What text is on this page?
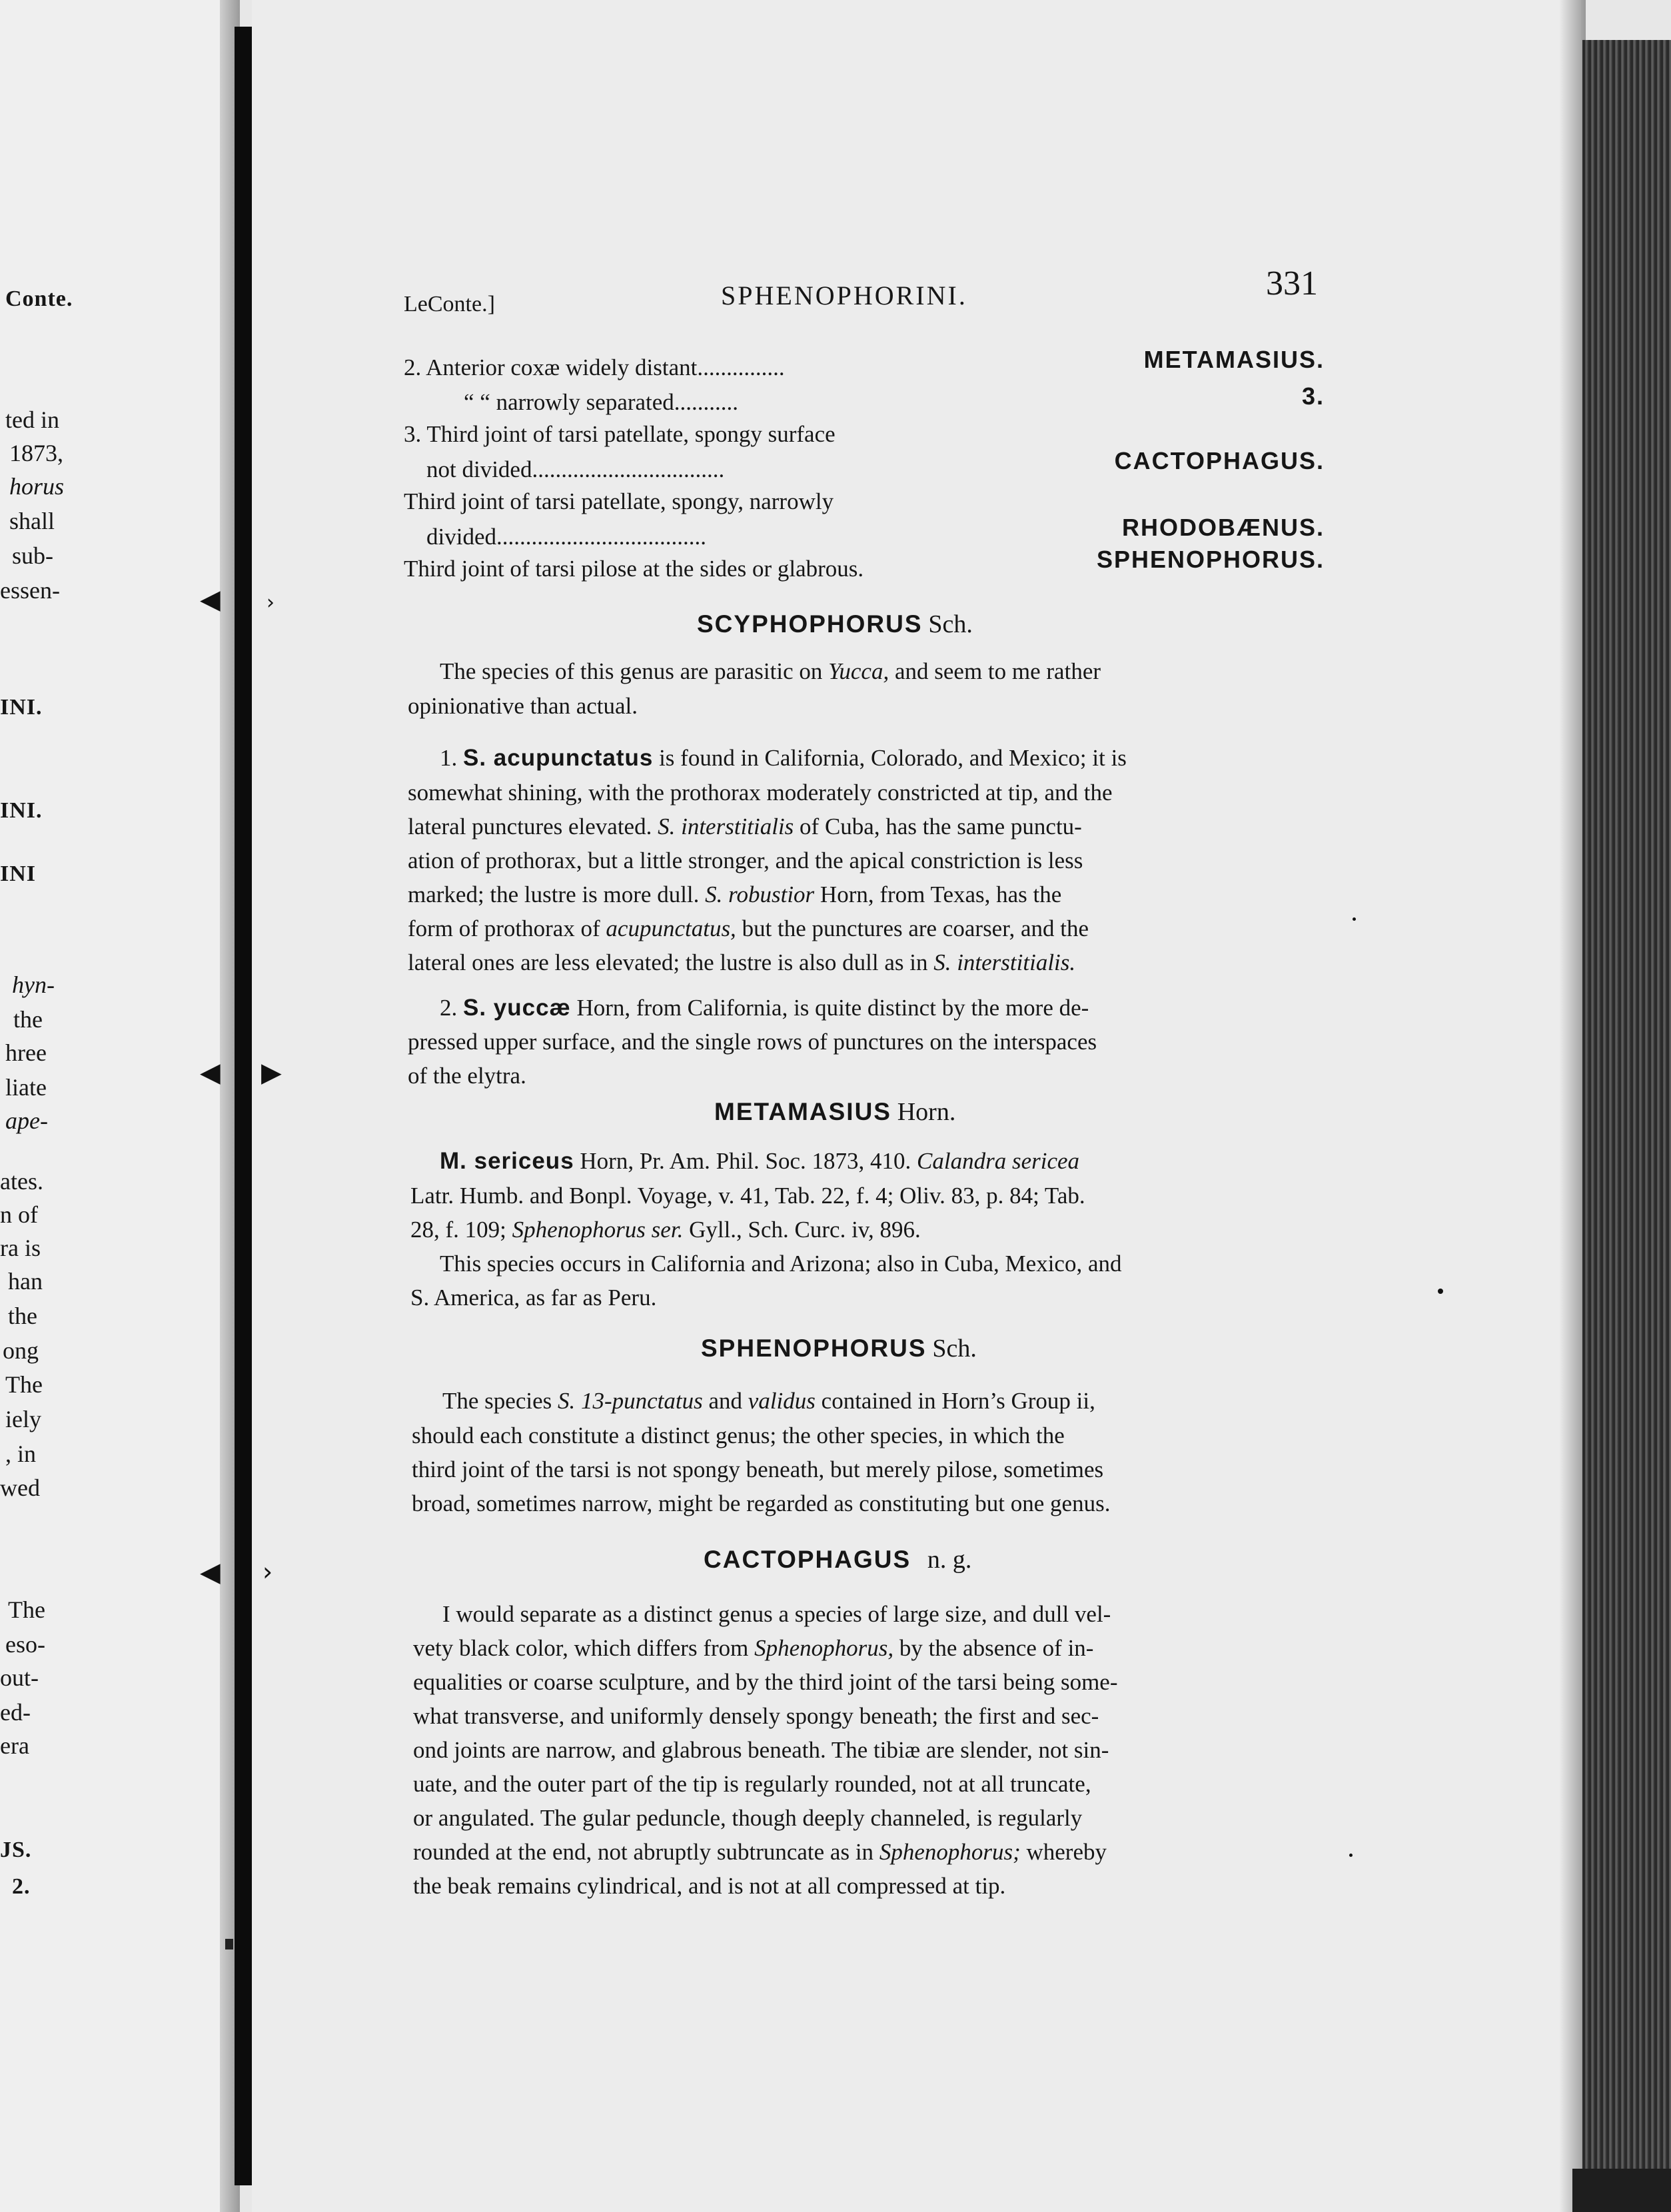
Conte.
ted in
1873,
horus
shall
sub-
essen-
INI.
INI.
INI
hyn-
the
hree
liate
ape-
ates.
n of
ra is
han
the
ong
The
iely
, in
wed
The
eso-
out-
ed-
era
JS.
2.
◀ ›
◀ ▶
◀ ›
LeConte.]	SPHENOPHORINI.	331
2. Anterior coxæ widely distant...............	METAMASIUS.
“ “ narrowly separated...........	3.
3. Third joint of tarsi patellate, spongy surface
not divided.................................	CACTOPHAGUS.
Third joint of tarsi patellate, spongy, narrowly
divided....................................	RHODOBÆNUS.
Third joint of tarsi pilose at the sides or glabrous.	SPHENOPHORUS.
SCYPHOPHORUS Sch.
The species of this genus are parasitic on Yucca, and seem to me rather
opinionative than actual.
1. S. acupunctatus is found in California, Colorado, and Mexico; it is
somewhat shining, with the prothorax moderately constricted at tip, and the
lateral punctures elevated. S. interstitialis of Cuba, has the same punctu-
ation of prothorax, but a little stronger, and the apical constriction is less
marked; the lustre is more dull. S. robustior Horn, from Texas, has the
form of prothorax of acupunctatus, but the punctures are coarser, and the
lateral ones are less elevated; the lustre is also dull as in S. interstitialis.
2. S. yuccæ Horn, from California, is quite distinct by the more de-
pressed upper surface, and the single rows of punctures on the interspaces
of the elytra.
METAMASIUS Horn.
M. sericeus Horn, Pr. Am. Phil. Soc. 1873, 410. Calandra sericea
Latr. Humb. and Bonpl. Voyage, v. 41, Tab. 22, f. 4; Oliv. 83, p. 84; Tab.
28, f. 109; Sphenophorus ser. Gyll., Sch. Curc. iv, 896.
This species occurs in California and Arizona; also in Cuba, Mexico, and
S. America, as far as Peru.
SPHENOPHORUS Sch.
The species S. 13-punctatus and validus contained in Horn’s Group ii,
should each constitute a distinct genus; the other species, in which the
third joint of the tarsi is not spongy beneath, but merely pilose, sometimes
broad, sometimes narrow, might be regarded as constituting but one genus.
CACTOPHAGUS n. g.
I would separate as a distinct genus a species of large size, and dull vel-
vety black color, which differs from Sphenophorus, by the absence of in-
equalities or coarse sculpture, and by the third joint of the tarsi being some-
what transverse, and uniformly densely spongy beneath; the first and sec-
ond joints are narrow, and glabrous beneath. The tibiæ are slender, not sin-
uate, and the outer part of the tip is regularly rounded, not at all truncate,
or angulated. The gular peduncle, though deeply channeled, is regularly
rounded at the end, not abruptly subtruncate as in Sphenophorus; whereby
the beak remains cylindrical, and is not at all compressed at tip.
